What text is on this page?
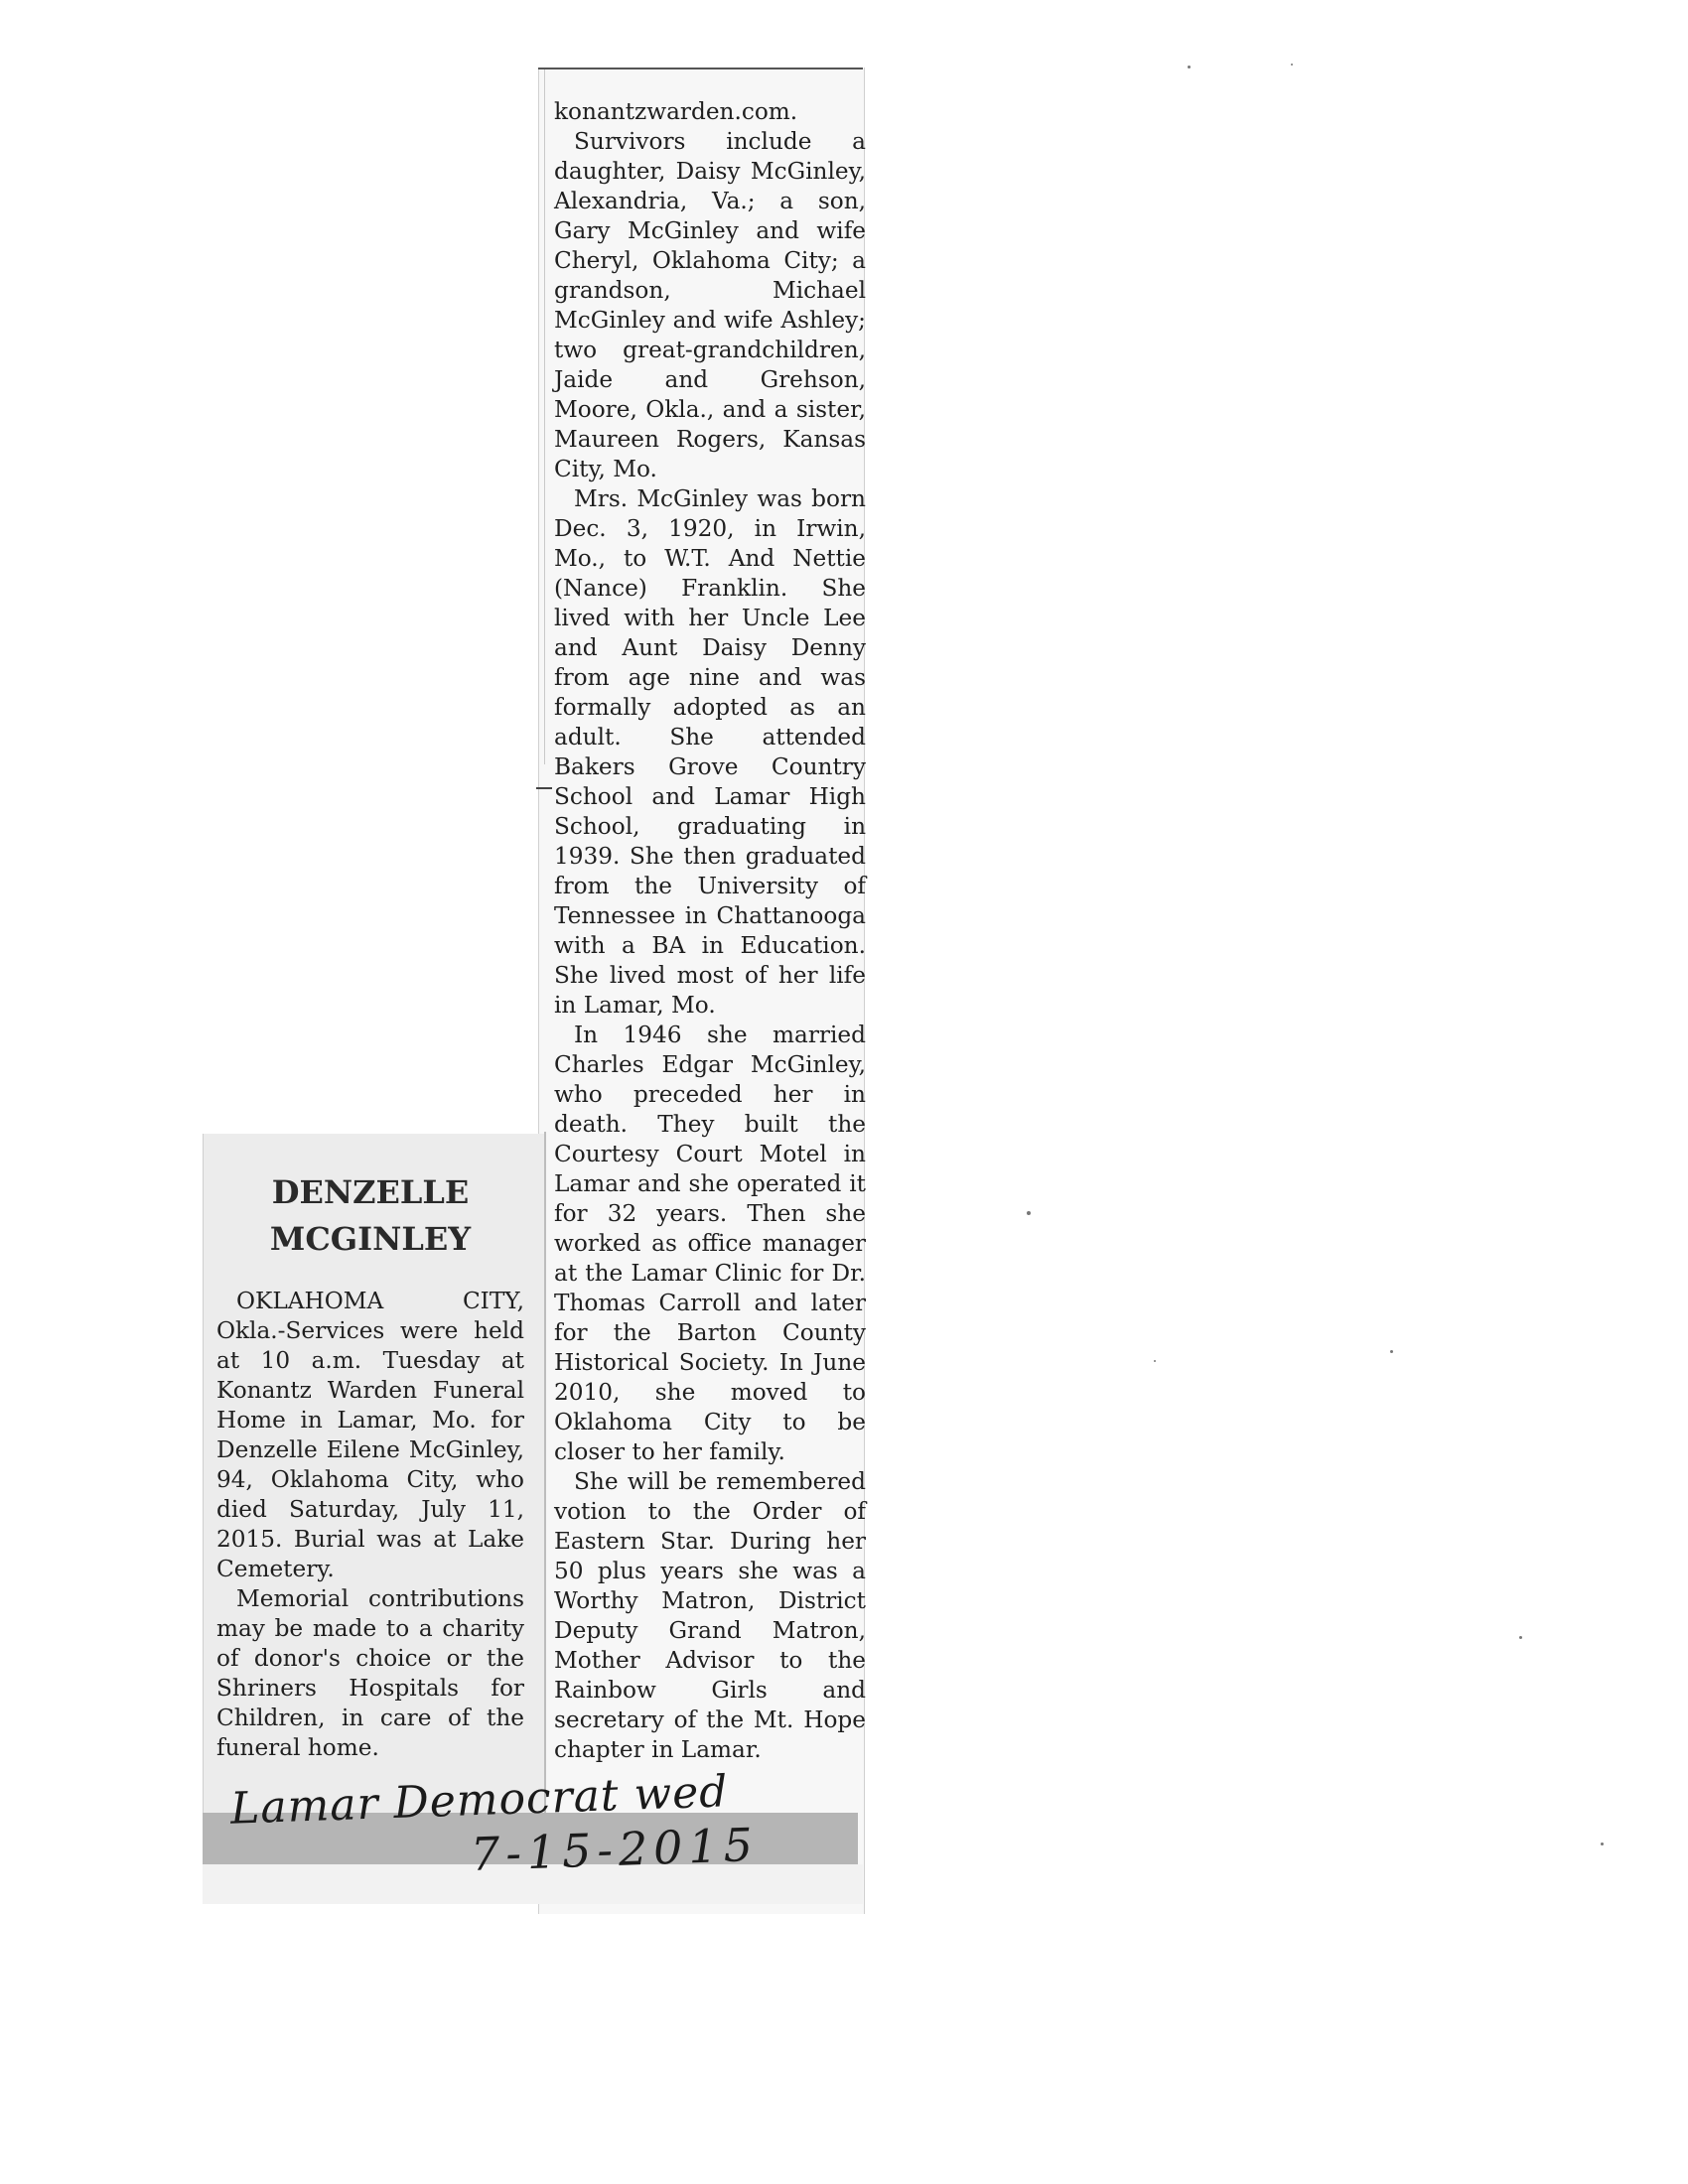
DENZELLE
MCGINLEY

OKLAHOMA CITY, Okla.-Services were held at 10 a.m. Tuesday at Konantz Warden Funeral Home in Lamar, Mo. for Denzelle Eilene McGinley, 94, Oklahoma City, who died Saturday, July 11, 2015. Burial was at Lake Cemetery.

Memorial contributions may be made to a charity of donor's choice or the Shriners Hospitals for Children, in care of the funeral home.

konantzwarden.com.

Survivors include a daughter, Daisy McGinley, Alexandria, Va.; a son, Gary McGinley and wife Cheryl, Oklahoma City; a grandson, Michael McGinley and wife Ashley; two great-grandchildren, Jaide and Grehson, Moore, Okla., and a sister, Maureen Rogers, Kansas City, Mo.

Mrs. McGinley was born Dec. 3, 1920, in Irwin, Mo., to W.T. And Nettie (Nance) Franklin. She lived with her Uncle Lee and Aunt Daisy Denny from age nine and was formally adopted as an adult. She attended Bakers Grove Country School and Lamar High School, graduating in 1939. She then graduated from the University of Tennessee in Chattanooga with a BA in Education. She lived most of her life in Lamar, Mo.

In 1946 she married Charles Edgar McGinley, who preceded her in death. They built the Courtesy Court Motel in Lamar and she operated it for 32 years. Then she worked as office manager at the Lamar Clinic for Dr. Thomas Carroll and later for the Barton County Historical Society. In June 2010, she moved to Oklahoma City to be closer to her family.

She will be remembered votion to the Order of Eastern Star. During her 50 plus years she was a Worthy Matron, District Deputy Grand Matron, Mother Advisor to the Rainbow Girls and secretary of the Mt. Hope chapter in Lamar.

Lamar Democrat wed
7-15-2015
